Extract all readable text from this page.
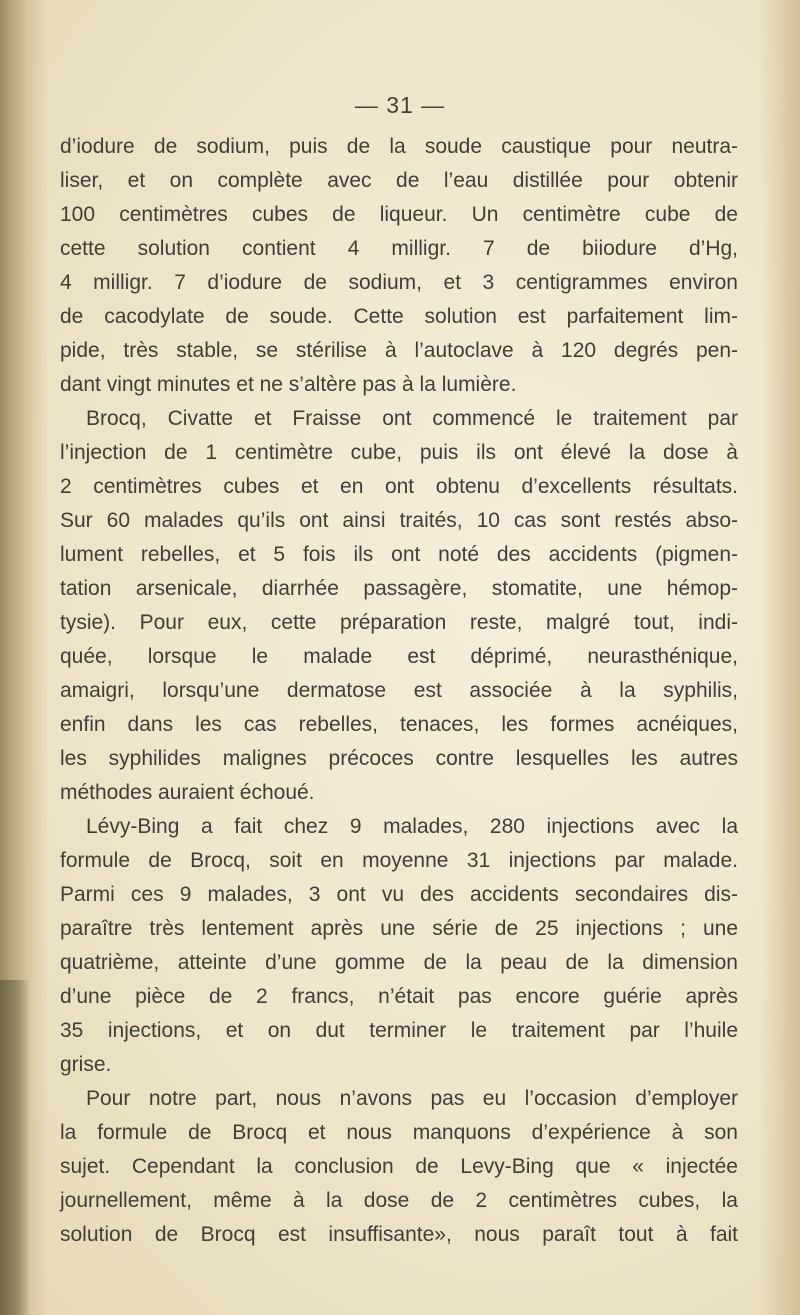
— 31 —
d’iodure de sodium, puis de la soude caustique pour neutra-
liser, et on complète avec de l’eau distillée pour obtenir
100 centimètres cubes de liqueur. Un centimètre cube de
cette solution contient 4 milligr. 7 de biiodure d’Hg,
4 milligr. 7 d’iodure de sodium, et 3 centigrammes environ
de cacodylate de soude. Cette solution est parfaitement lim-
pide, très stable, se stérilise à l’autoclave à 120 degrés pen-
dant vingt minutes et ne s’altère pas à la lumière.
Brocq, Civatte et Fraisse ont commencé le traitement par
l’injection de 1 centimètre cube, puis ils ont élevé la dose à
2 centimètres cubes et en ont obtenu d’excellents résultats.
Sur 60 malades qu’ils ont ainsi traités, 10 cas sont restés abso-
lument rebelles, et 5 fois ils ont noté des accidents (pigmen-
tation arsenicale, diarrhée passagère, stomatite, une hémop-
tysie). Pour eux, cette préparation reste, malgré tout, indi-
quée, lorsque le malade est déprimé, neurasthénique,
amaigri, lorsqu’une dermatose est associée à la syphilis,
enfin dans les cas rebelles, tenaces, les formes acnéiques,
les syphilides malignes précoces contre lesquelles les autres
méthodes auraient échoué.
Lévy-Bing a fait chez 9 malades, 280 injections avec la
formule de Brocq, soit en moyenne 31 injections par malade.
Parmi ces 9 malades, 3 ont vu des accidents secondaires dis-
paraître très lentement après une série de 25 injections ; une
quatrième, atteinte d’une gomme de la peau de la dimension
d’une pièce de 2 francs, n’était pas encore guérie après
35 injections, et on dut terminer le traitement par l’huile
grise.
Pour notre part, nous n’avons pas eu l’occasion d’employer
la formule de Brocq et nous manquons d’expérience à son
sujet. Cependant la conclusion de Levy-Bing que « injectée
journellement, même à la dose de 2 centimètres cubes, la
solution de Brocq est insuffisante», nous paraît tout à fait
